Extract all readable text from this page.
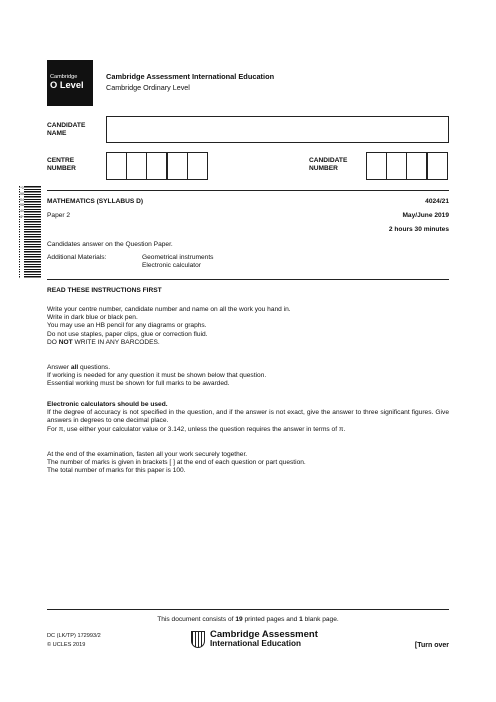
Cambridge
O Level
Cambridge Assessment International Education
Cambridge Ordinary Level
CANDIDATE
NAME
CENTRE
NUMBER
CANDIDATE
NUMBER
*0580498406*
MATHEMATICS (SYLLABUS D)	4024/21
Paper 2	May/June 2019
2 hours 30 minutes
Candidates answer on the Question Paper.
Additional Materials:	Geometrical instruments
Electronic calculator
READ THESE INSTRUCTIONS FIRST

Write your centre number, candidate number and name on all the work you hand in.

Write in dark blue or black pen.

You may use an HB pencil for any diagrams or graphs.

Do not use staples, paper clips, glue or correction fluid.

DO NOT WRITE IN ANY BARCODES.

Answer all questions.

If working is needed for any question it must be shown below that question.

Essential working must be shown for full marks to be awarded.

Electronic calculators should be used.

If the degree of accuracy is not specified in the question, and if the answer is not exact, give the answer to three significant figures. Give answers in degrees to one decimal place.

For π, use either your calculator value or 3.142, unless the question requires the answer in terms of π.

At the end of the examination, fasten all your work securely together.

The number of marks is given in brackets [ ] at the end of each question or part question.

The total number of marks for this paper is 100.

This document consists of 19 printed pages and 1 blank page.
DC (LK/TP) 172993/2
© UCLES 2019
Cambridge Assessment
International Education	[Turn over
